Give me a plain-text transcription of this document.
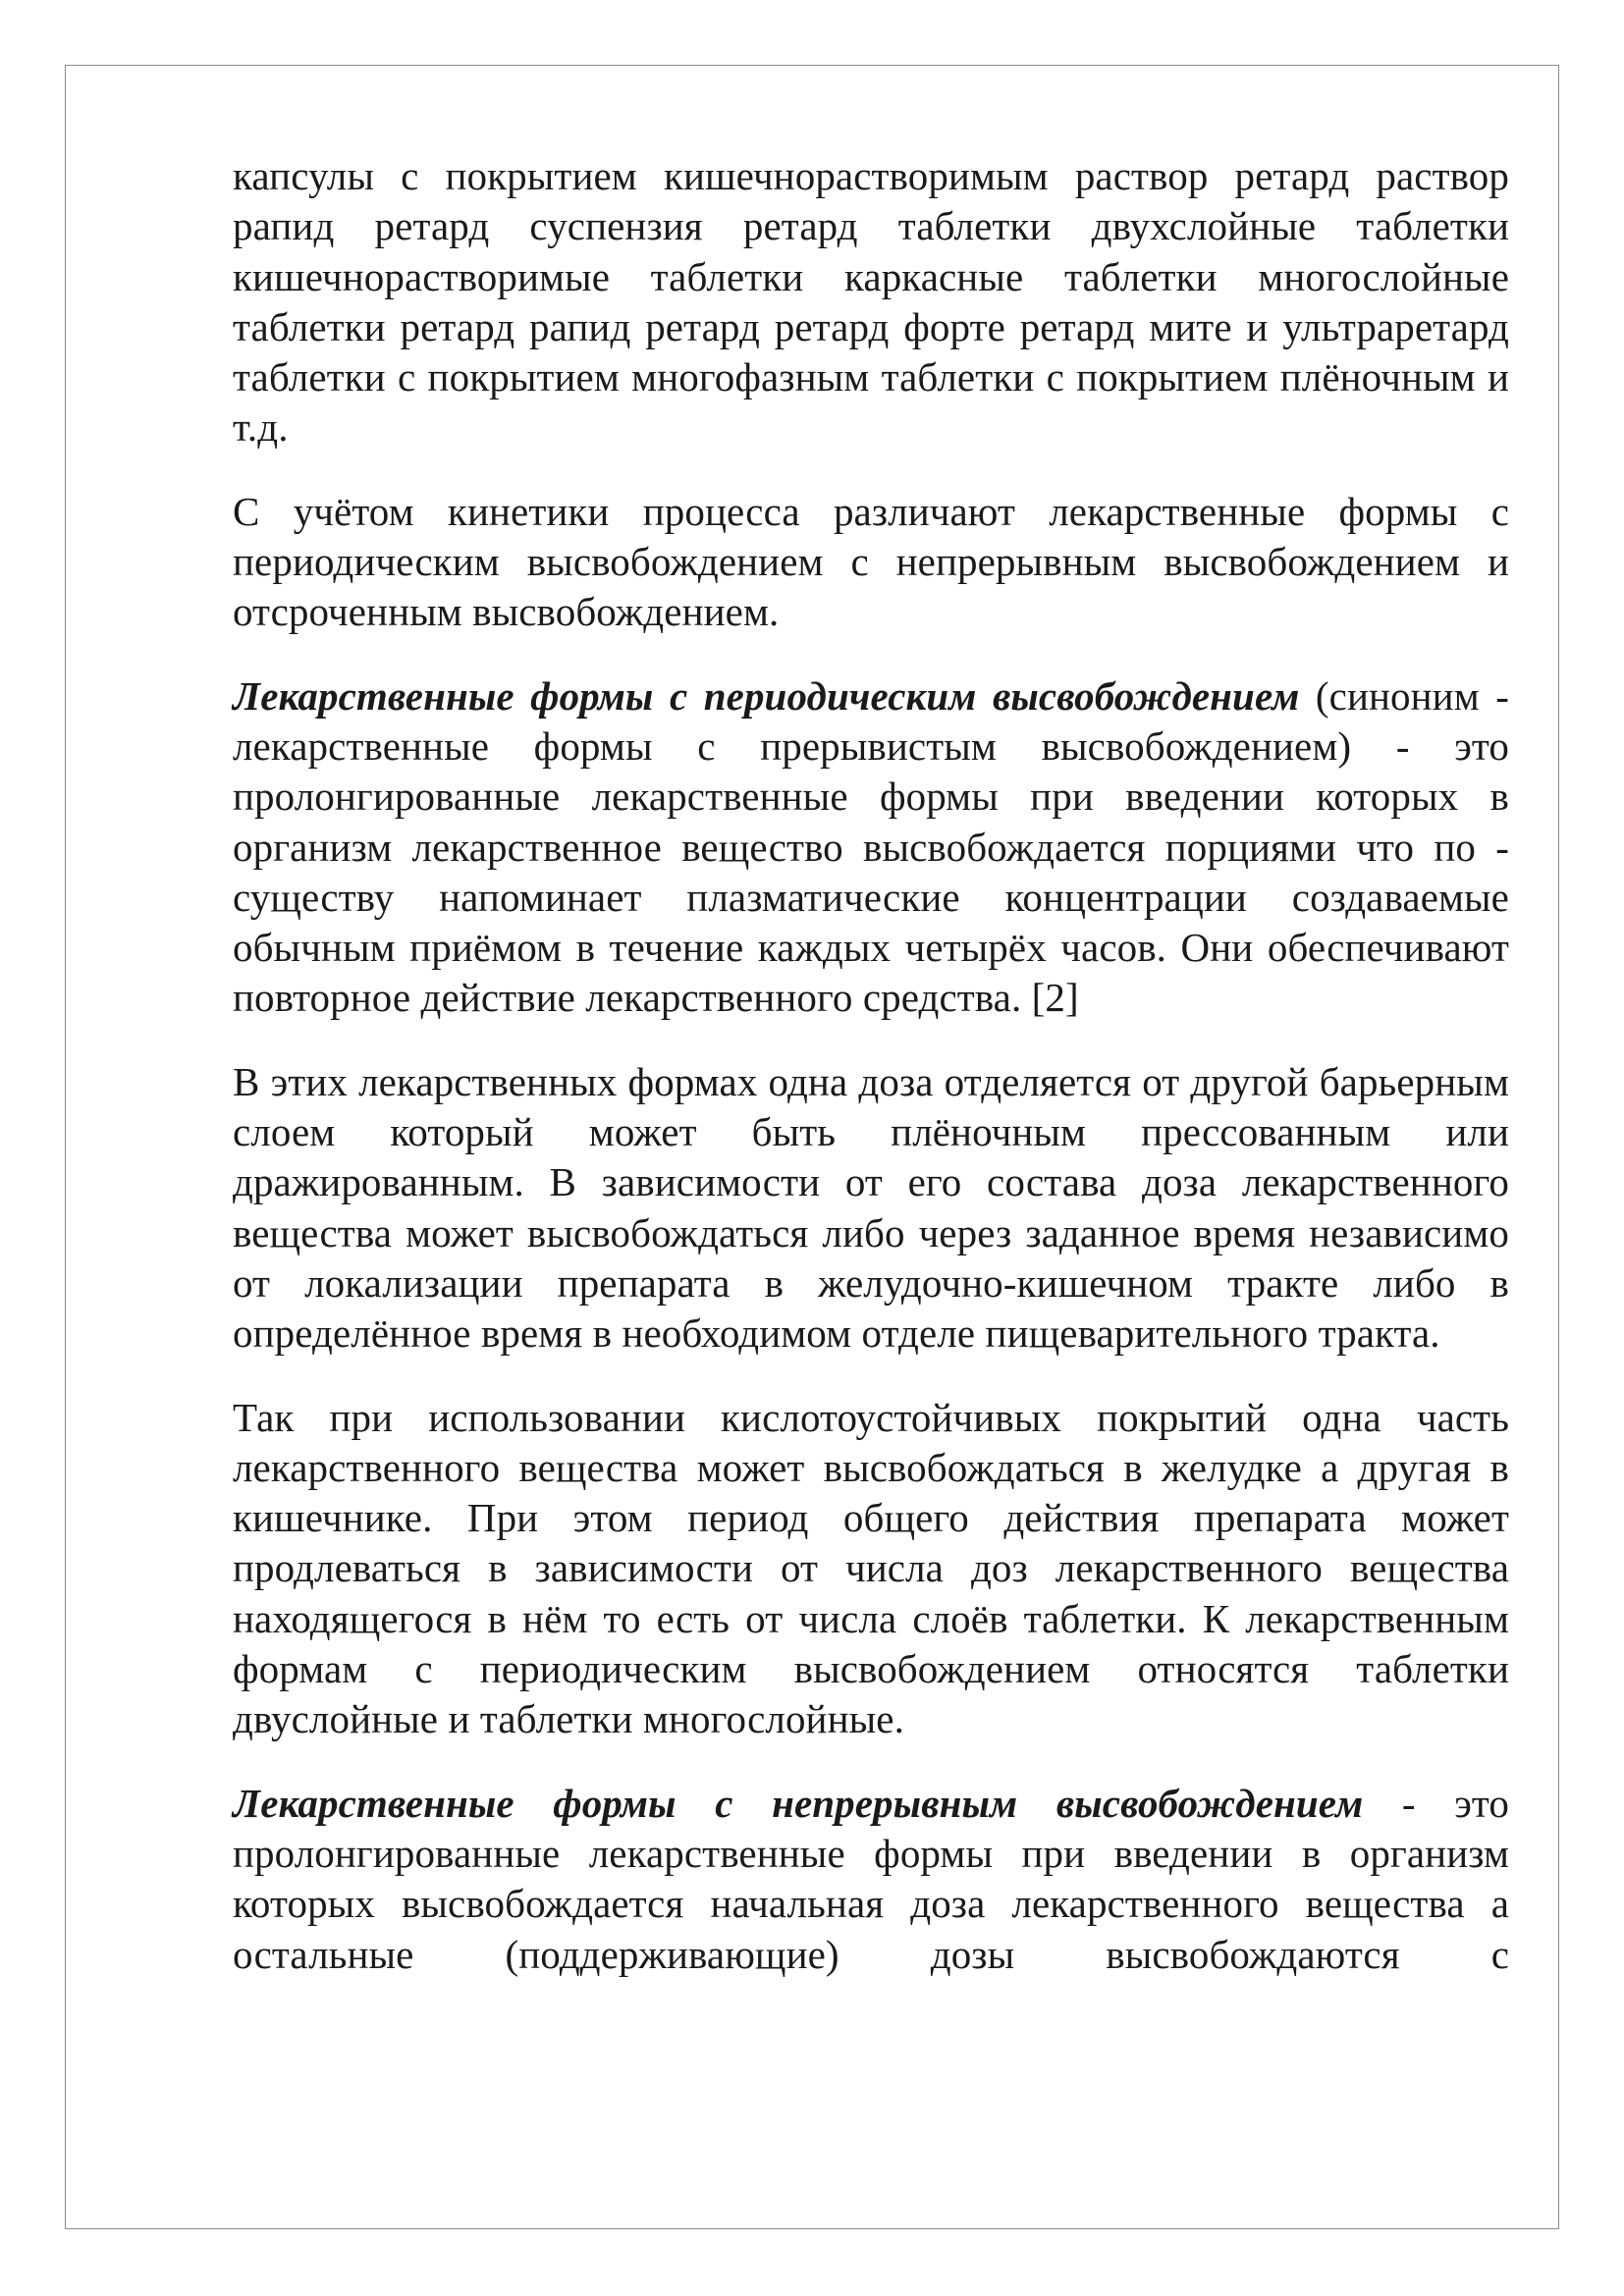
капсулы с покрытием кишечнорастворимым раствор ретард раствор рапид ретард суспензия ретард таблетки двухслойные таблетки кишечнорастворимые таблетки каркасные таблетки многослойные таблетки ретард рапид ретард ретард форте ретард мите и ультраретард таблетки с покрытием многофазным таблетки с покрытием плёночным и т.д.

С учётом кинетики процесса различают лекарственные формы с периодическим высвобождением с непрерывным высвобождением и отсроченным высвобождением.

Лекарственные формы с периодическим высвобождением (синоним - лекарственные формы с прерывистым высвобождением) - это пролонгированные лекарственные формы при введении которых в организм лекарственное вещество высвобождается порциями что по - существу напоминает плазматические концентрации создаваемые обычным приёмом в течение каждых четырёх часов. Они обеспечивают повторное действие лекарственного средства. [2]

В этих лекарственных формах одна доза отделяется от другой барьерным слоем который может быть плёночным прессованным или дражированным. В зависимости от его состава доза лекарственного вещества может высвобождаться либо через заданное время независимо от локализации препарата в желудочно-кишечном тракте либо в определённое время в необходимом отделе пищеварительного тракта.

Так при использовании кислотоустойчивых покрытий одна часть лекарственного вещества может высвобождаться в желудке а другая в кишечнике. При этом период общего действия препарата может продлеваться в зависимости от числа доз лекарственного вещества находящегося в нём то есть от числа слоёв таблетки. К лекарственным формам с периодическим высвобождением относятся таблетки двуслойные и таблетки многослойные.

Лекарственные формы с непрерывным высвобождением - это пролонгированные лекарственные формы при введении в организм которых высвобождается начальная доза лекарственного вещества а остальные (поддерживающие) дозы высвобождаются с
